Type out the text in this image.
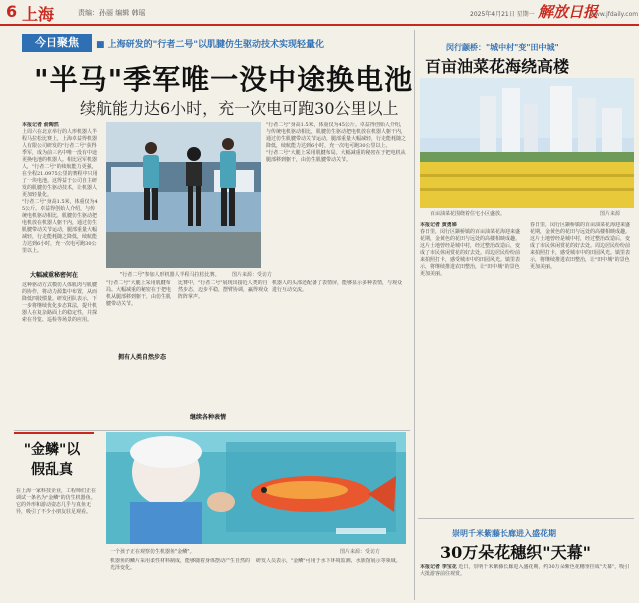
6 上海	责编：孙丽 编辑 韩瑶	2025年4月21日 星期一 解放日报
www.jfdaily.com
今日聚焦	■ 上海研发的"行者二号"以肌腱仿生驱动技术实现轻量化
"半马"季军唯一没中途换电池
续航能力达6小时，充一次电可跑30公里以上
本报记者 俞陶然
上周六在北京举行的人形机器人半程马拉松比赛上，上海卓益得机器人有限公司研发的"行者二号"获得季军，成为前三名中唯一没有中途更换电池的机器人。相比冠军机器人，"行者二号"的续航能力更强，在全程21.0975公里的赛程中只用了一块电池。这得益于公司自主研发的肌腱仿生驱动技术，让机器人更加轻量化。
"行者二号"身高1.5米，体重仅为45公斤。卓益得创始人介绍，与传统电机驱动相比，肌腱仿生驱动把电机放在机器人躯干内，通过仿生肌腱带动关节运动，腿部重量大幅减轻，行走能耗随之降低，续航能力达到6小时，充一次电可跑30公里以上。
大幅减重秘密何在
这种驱动方式模仿人体肌肉与肌腱的协作，将动力源集中布置，从而降低四肢惯量。研发团队表示，下一步将继续优化步态算法，提升机器人在复杂路面上的稳定性，并探索在导览、巡检等场景的应用。
"行者二号"参加人形机器人半程马拉松比赛。 图片来源：受访方
"行者二号"身高1.5米，体重仅为45公斤。卓益得创始人介绍，与传统电机驱动相比，肌腱仿生驱动把电机放在机器人躯干内，通过仿生肌腱带动关节运动，腿部重量大幅减轻，行走能耗随之降低，续航能力达到6小时，充一次电可跑30公里以上。
"行者二号"大腿上采用肌腱布局。大幅减重的秘密在于把电机从腿部移到躯干，由仿生肌腱带动关节。
"行者二号"大腿上采用肌腱布局。大幅减重的秘密在于把电机从腿部移到躯干，由仿生肌腱带动关节。
拥有人类自然步态
比赛中，"行者二号"展现出接近人类的自然步态，迈步平稳，摆臂协调，赢得观众阵阵掌声。
继续各种表情
机器人的头部还配备了表情屏，能够显示多种表情，与观众进行互动交流。
"金鳞"以假乱真
在上海一家科技企业，工程师们正在调试一条名为"金鳞"的仿生机器鱼。它的外形和游动姿态几乎与真鱼无异，吸引了不少小朋友驻足观看。
一个孩子正在观察仿生机器鱼"金鳞"。	图片来源：受访方
机器鱼的鳞片采用柔性材料制成，能够随着身体摆动产生自然的光泽变化。
研发人员表示，"金鳞"可用于水下环境监测、水族馆展示等领域。
闵行颛桥："城中村"变"田中城"
百亩油菜花海绕高楼
百亩油菜花围绕着住宅小区盛放。	图片来源
本报记者 黄勇娣
春日里，闵行区颛桥镇的百亩油菜花海迎来盛花期，金黄色的花田与远处的高楼相映成趣。这片土地曾经是城中村，经过整治改造后，变成了市民休闲赏花的好去处。周边居民纷纷前来拍照打卡，感受城市中的田园风光。镇里表示，将继续推进农田整治，让"田中城"的景色更加美丽。
春日里，闵行区颛桥镇的百亩油菜花海迎来盛花期，金黄色的花田与远处的高楼相映成趣。这片土地曾经是城中村，经过整治改造后，变成了市民休闲赏花的好去处。周边居民纷纷前来拍照打卡，感受城市中的田园风光。镇里表示，将继续推进农田整治，让"田中城"的景色更加美丽。
崇明千米紫藤长廊进入盛花期
30万朵花穗织"天幕"
本报记者 李宝花 近日，崇明千米紫藤长廊进入盛花期，约30万朵紫色花穗垂挂成"天幕"，吸引大批游客前往观赏。
